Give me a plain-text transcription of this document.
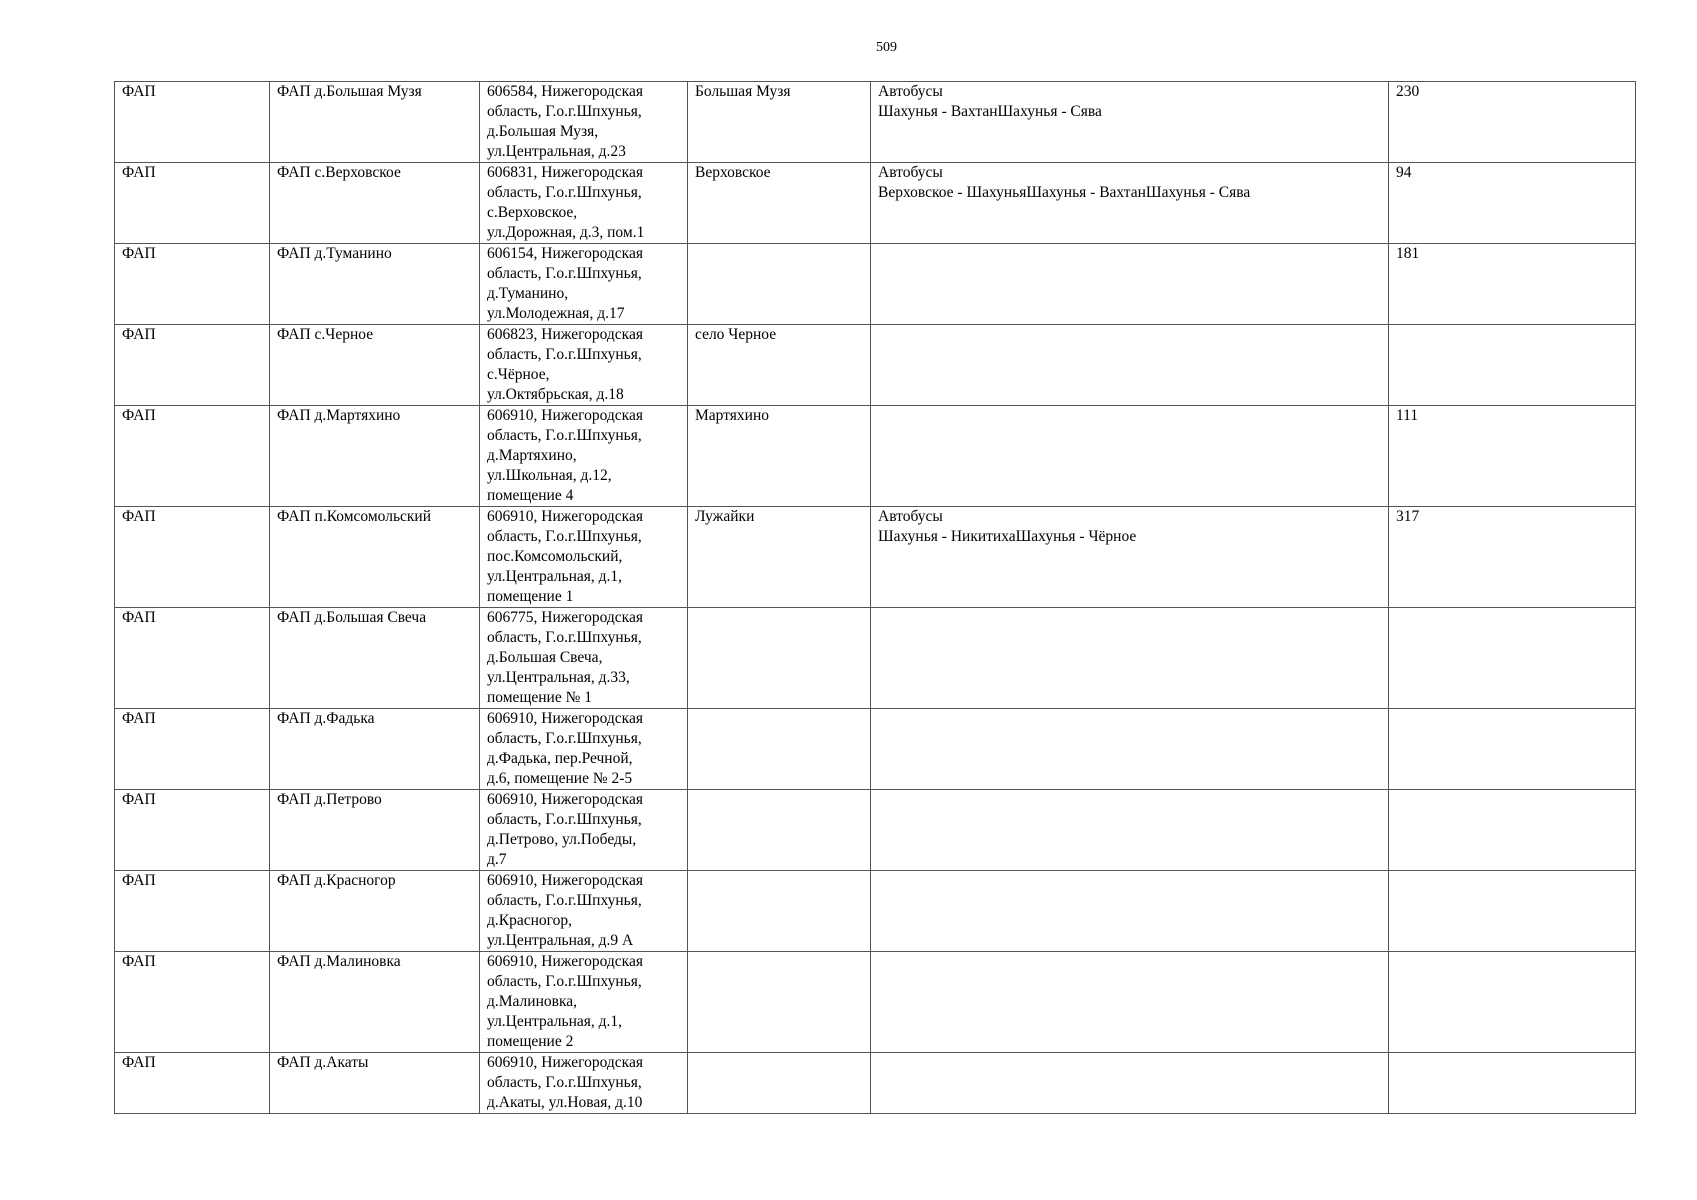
509
ФАП	ФАП д.Большая Музя	606584, Нижегородская
область, Г.о.г.Шпхунья,
д.Большая Музя,
ул.Центральная, д.23	Большая Музя	Автобусы
Шахунья - ВахтанШахунья - Сява	230
ФАП	ФАП с.Верховское	606831, Нижегородская
область, Г.о.г.Шпхунья,
с.Верховское,
ул.Дорожная, д.3, пом.1	Верховское	Автобусы
Верховское - ШахуньяШахунья - ВахтанШахунья - Сява	94
ФАП	ФАП д.Туманино	606154, Нижегородская
область, Г.о.г.Шпхунья,
д.Туманино,
ул.Молодежная, д.17			181
ФАП	ФАП с.Черное	606823, Нижегородская
область, Г.о.г.Шпхунья,
с.Чёрное,
ул.Октябрьская, д.18	село Черное		
ФАП	ФАП д.Мартяхино	606910, Нижегородская
область, Г.о.г.Шпхунья,
д.Мартяхино,
ул.Школьная, д.12,
помещение 4	Мартяхино		111
ФАП	ФАП п.Комсомольский	606910, Нижегородская
область, Г.о.г.Шпхунья,
пос.Комсомольский,
ул.Центральная, д.1,
помещение 1	Лужайки	Автобусы
Шахунья - НикитихаШахунья - Чёрное	317
ФАП	ФАП д.Большая Свеча	606775, Нижегородская
область, Г.о.г.Шпхунья,
д.Большая Свеча,
ул.Центральная, д.33,
помещение № 1			
ФАП	ФАП д.Фадька	606910, Нижегородская
область, Г.о.г.Шпхунья,
д.Фадька, пер.Речной,
д.6, помещение № 2-5			
ФАП	ФАП д.Петрово	606910, Нижегородская
область, Г.о.г.Шпхунья,
д.Петрово, ул.Победы,
д.7			
ФАП	ФАП д.Красногор	606910, Нижегородская
область, Г.о.г.Шпхунья,
д.Красногор,
ул.Центральная, д.9 А			
ФАП	ФАП д.Малиновка	606910, Нижегородская
область, Г.о.г.Шпхунья,
д.Малиновка,
ул.Центральная, д.1,
помещение 2			
ФАП	ФАП д.Акаты	606910, Нижегородская
область, Г.о.г.Шпхунья,
д.Акаты, ул.Новая, д.10			
